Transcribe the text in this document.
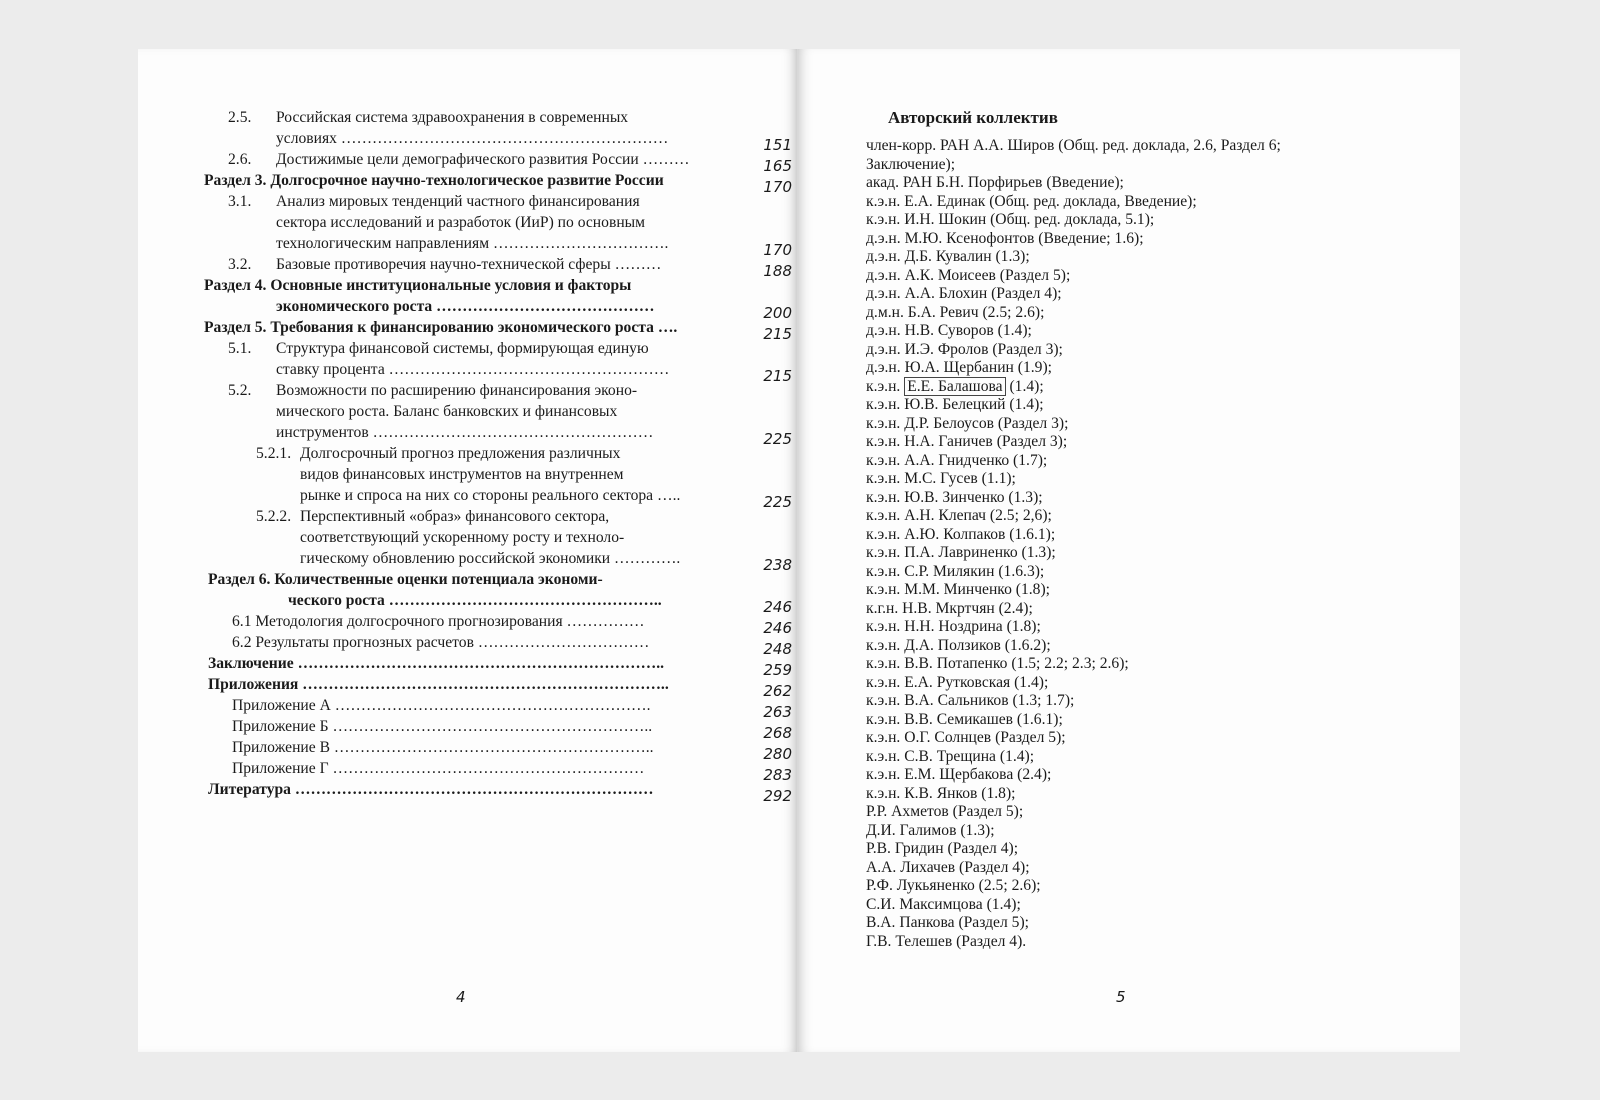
2.5.	Российская система здравоохранения в современных
условиях ………………………………………………………	151
2.6.	Достижимые цели демографического развития России ………	165
Раздел 3. Долгосрочное научно-технологическое развитие России	170
3.1.	Анализ мировых тенденций частного финансирования
сектора исследований и разработок (ИиР) по основным
технологическим направлениям …………………………….	170
3.2.	Базовые противоречия научно-технической сферы ………	188
Раздел 4. Основные институциональные условия и факторы
экономического роста ……………………………………	200
Раздел 5. Требования к финансированию экономического роста ….	215
5.1.	Структура финансовой системы, формирующая единую
ставку процента ………………………………………………	215
5.2.	Возможности по расширению финансирования эконо-
мического роста. Баланс банковских и финансовых
инструментов ………………………………………………	225
5.2.1. Долгосрочный прогноз предложения различных
видов финансовых инструментов на внутреннем
рынке и спроса на них со стороны реального сектора …..	225
5.2.2. Перспективный «образ» финансового сектора,
соответствующий ускоренному росту и техноло-
гическому обновлению российской экономики ………….	238
Раздел 6. Количественные оценки потенциала экономи-
ческого роста ……………………………………………..	246
6.1 Методология долгосрочного прогнозирования ……………	246
6.2 Результаты прогнозных расчетов ……………………………	248
Заключение ……………………………………………………………..	259
Приложения ……………………………………………………………..	262
Приложение А …………………………………………………….	263
Приложение Б ……………………………………………………..	268
Приложение В ……………………………………………………..	280
Приложение Г ……………………………………………………	283
Литература ……………………………………………………………	292
4
Авторский коллектив
член-корр. РАН А.А. Широв (Общ. ред. доклада, 2.6, Раздел 6;
Заключение);
акад. РАН Б.Н. Порфирьев (Введение);
к.э.н. Е.А. Единак (Общ. ред. доклада, Введение);
к.э.н. И.Н. Шокин (Общ. ред. доклада, 5.1);
д.э.н. М.Ю. Ксенофонтов (Введение; 1.6);
д.э.н. Д.Б. Кувалин (1.3);
д.э.н. А.К. Моисеев (Раздел 5);
д.э.н. А.А. Блохин (Раздел 4);
д.м.н. Б.А. Ревич (2.5; 2.6);
д.э.н. Н.В. Суворов (1.4);
д.э.н. И.Э. Фролов (Раздел 3);
д.э.н. Ю.А. Щербанин (1.9);
к.э.н. Е.Е. Балашова (1.4);
к.э.н. Ю.В. Белецкий (1.4);
к.э.н. Д.Р. Белоусов (Раздел 3);
к.э.н. Н.А. Ганичев (Раздел 3);
к.э.н. А.А. Гнидченко (1.7);
к.э.н. М.С. Гусев (1.1);
к.э.н. Ю.В. Зинченко (1.3);
к.э.н. А.Н. Клепач (2.5; 2,6);
к.э.н. А.Ю. Колпаков (1.6.1);
к.э.н. П.А. Лавриненко (1.3);
к.э.н. С.Р. Милякин (1.6.3);
к.э.н. М.М. Минченко (1.8);
к.г.н. Н.В. Мкртчян (2.4);
к.э.н. Н.Н. Ноздрина (1.8);
к.э.н. Д.А. Ползиков (1.6.2);
к.э.н. В.В. Потапенко (1.5; 2.2; 2.3; 2.6);
к.э.н. Е.А. Рутковская (1.4);
к.э.н. В.А. Сальников (1.3; 1.7);
к.э.н. В.В. Семикашев (1.6.1);
к.э.н. О.Г. Солнцев (Раздел 5);
к.э.н. С.В. Трещина (1.4);
к.э.н. Е.М. Щербакова (2.4);
к.э.н. К.В. Янков (1.8);
Р.Р. Ахметов (Раздел 5);
Д.И. Галимов (1.3);
Р.В. Гридин (Раздел 4);
А.А. Лихачев (Раздел 4);
Р.Ф. Лукьяненко (2.5; 2.6);
С.И. Максимцова (1.4);
В.А. Панкова (Раздел 5);
Г.В. Телешев (Раздел 4).
5
